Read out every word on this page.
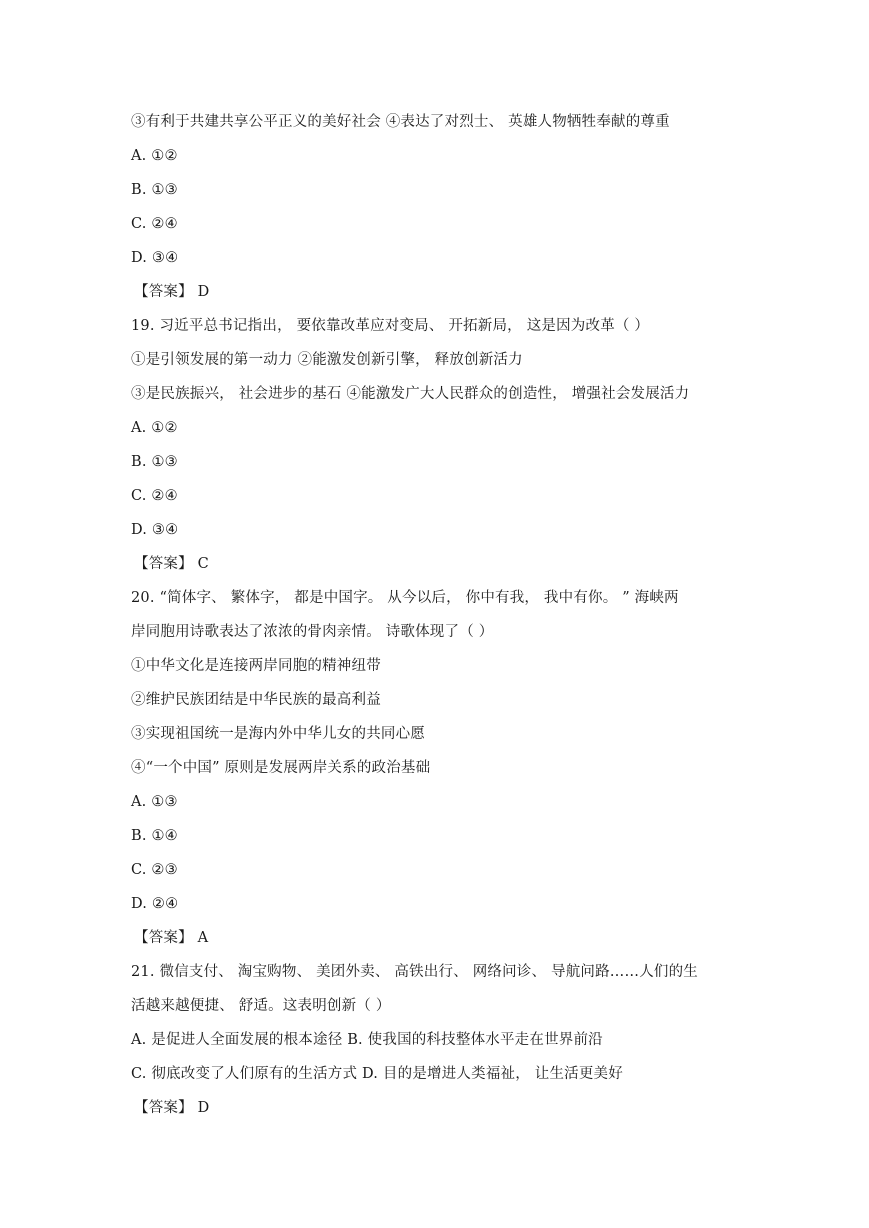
③有利于共建共享公平正义的美好社会 ④表达了对烈士、 英雄人物牺牲奉献的尊重
A. ①②
B. ①③
C. ②④
D. ③④
【答案】 D
19. 习近平总书记指出， 要依靠改革应对变局、 开拓新局， 这是因为改革（ ）
①是引领发展的第一动力 ②能激发创新引擎， 释放创新活力
③是民族振兴， 社会进步的基石 ④能激发广大人民群众的创造性， 增强社会发展活力
A. ①②
B. ①③
C. ②④
D. ③④
【答案】 C
20. “简体字、 繁体字， 都是中国字。 从今以后， 你中有我， 我中有你。 ” 海峡两
岸同胞用诗歌表达了浓浓的骨肉亲情。 诗歌体现了（ ）
①中华文化是连接两岸同胞的精神纽带
②维护民族团结是中华民族的最高利益
③实现祖国统一是海内外中华儿女的共同心愿
④“一个中国” 原则是发展两岸关系的政治基础
A. ①③
B. ①④
C. ②③
D. ②④
【答案】 A
21. 微信支付、 淘宝购物、 美团外卖、 高铁出行、 网络问诊、 导航问路……人们的生
活越来越便捷、 舒适。这表明创新（ ）
A. 是促进人全面发展的根本途径 B. 使我国的科技整体水平走在世界前沿
C. 彻底改变了人们原有的生活方式 D. 目的是增进人类福祉， 让生活更美好
【答案】 D
